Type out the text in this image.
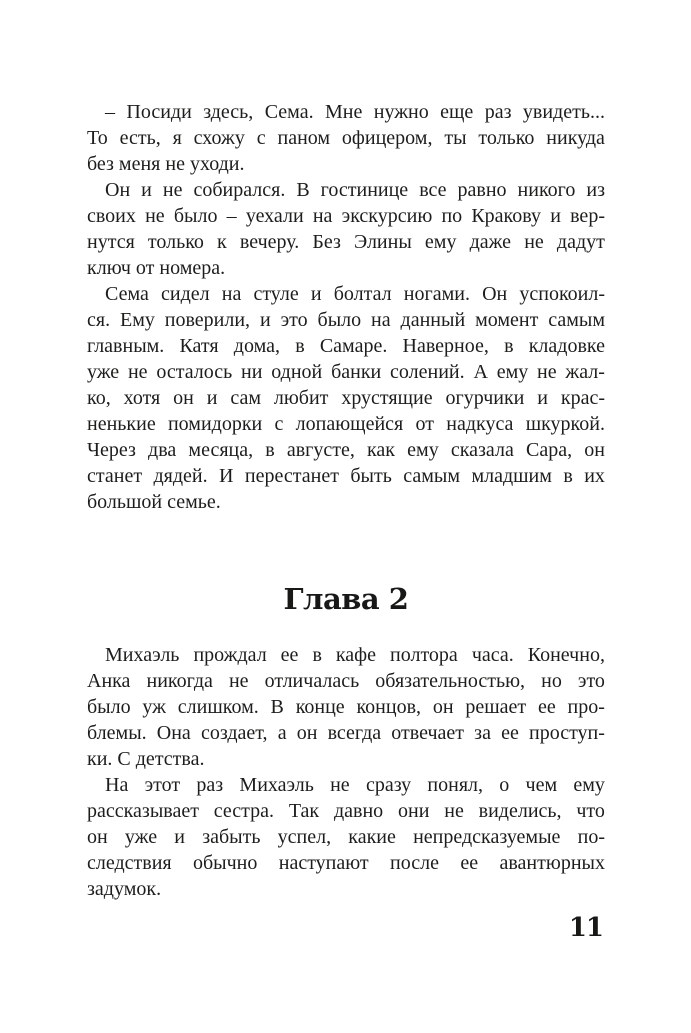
– Посиди здесь, Сема. Мне нужно еще раз увидеть...
То есть, я схожу с паном офицером, ты только никуда
без меня не уходи.
Он и не собирался. В гостинице все равно никого из
своих не было – уехали на экскурсию по Кракову и вер-
нутся только к вечеру. Без Элины ему даже не дадут
ключ от номера.
Сема сидел на стуле и болтал ногами. Он успокоил-
ся. Ему поверили, и это было на данный момент самым
главным. Катя дома, в Самаре. Наверное, в кладовке
уже не осталось ни одной банки солений. А ему не жал-
ко, хотя он и сам любит хрустящие огурчики и крас-
ненькие помидорки с лопающейся от надкуса шкуркой.
Через два месяца, в августе, как ему сказала Сара, он
станет дядей. И перестанет быть самым младшим в их
большой семье.
Глава 2
Михаэль прождал ее в кафе полтора часа. Конечно,
Анка никогда не отличалась обязательностью, но это
было уж слишком. В конце концов, он решает ее про-
блемы. Она создает, а он всегда отвечает за ее проступ-
ки. С детства.
На этот раз Михаэль не сразу понял, о чем ему
рассказывает сестра. Так давно они не виделись, что
он уже и забыть успел, какие непредсказуемые по-
следствия обычно наступают после ее авантюрных
задумок.
11
